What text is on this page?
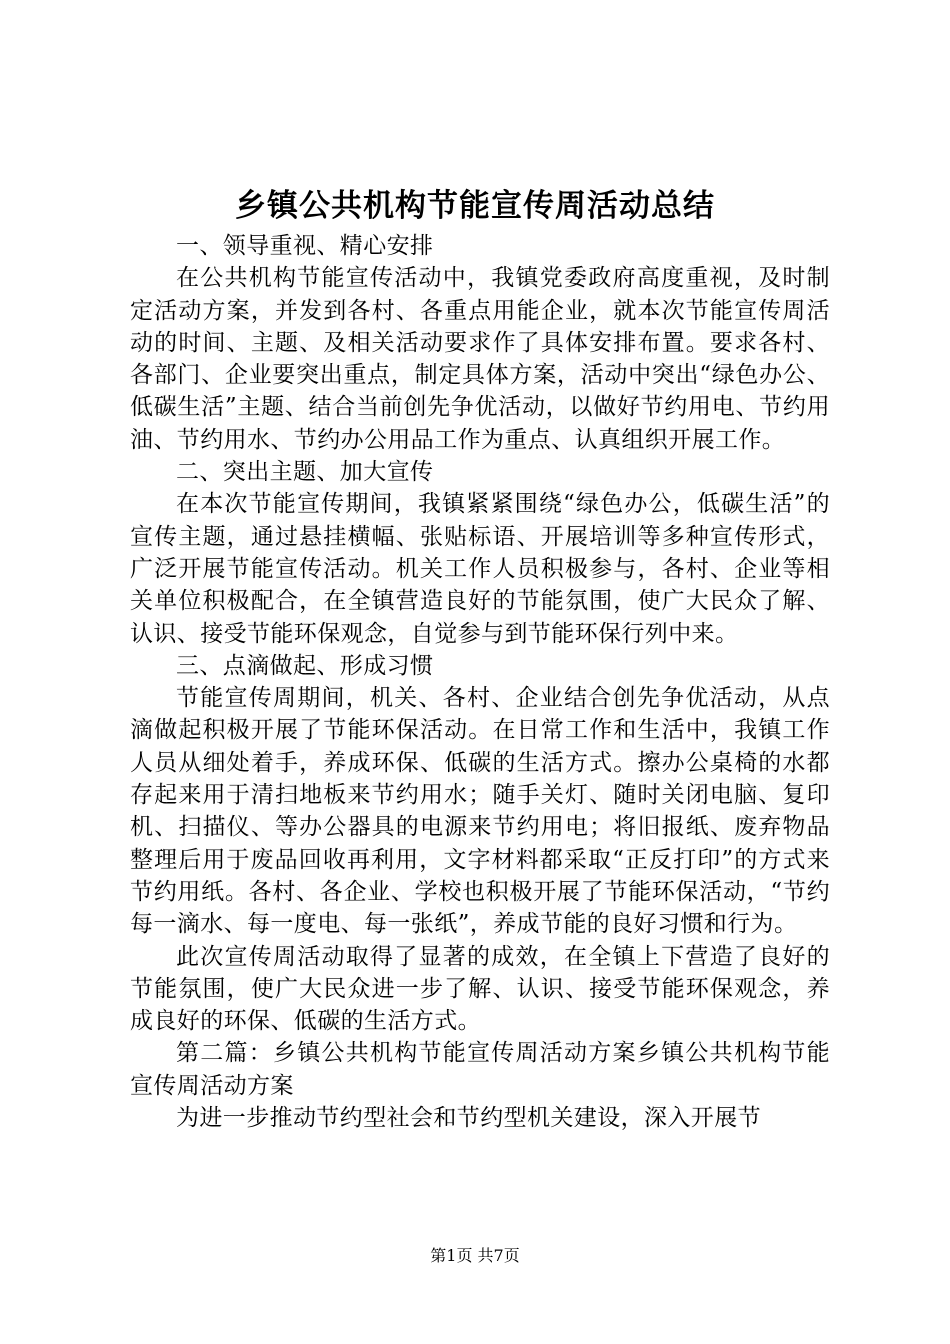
乡镇公共机构节能宣传周活动总结

一、领导重视、精心安排

在公共机构节能宣传活动中，我镇党委政府高度重视，及时制定活动方案，并发到各村、各重点用能企业，就本次节能宣传周活动的时间、主题、及相关活动要求作了具体安排布置。要求各村、各部门、企业要突出重点，制定具体方案，活动中突出“绿色办公、低碳生活”主题、结合当前创先争优活动，以做好节约用电、节约用油、节约用水、节约办公用品工作为重点、认真组织开展工作。

二、突出主题、加大宣传

在本次节能宣传期间，我镇紧紧围绕“绿色办公，低碳生活”的宣传主题，通过悬挂横幅、张贴标语、开展培训等多种宣传形式，广泛开展节能宣传活动。机关工作人员积极参与，各村、企业等相关单位积极配合，在全镇营造良好的节能氛围，使广大民众了解、认识、接受节能环保观念，自觉参与到节能环保行列中来。

三、点滴做起、形成习惯

节能宣传周期间，机关、各村、企业结合创先争优活动，从点滴做起积极开展了节能环保活动。在日常工作和生活中，我镇工作人员从细处着手，养成环保、低碳的生活方式。擦办公桌椅的水都存起来用于清扫地板来节约用水；随手关灯、随时关闭电脑、复印机、扫描仪、等办公器具的电源来节约用电；将旧报纸、废弃物品整理后用于废品回收再利用，文字材料都采取“正反打印”的方式来节约用纸。各村、各企业、学校也积极开展了节能环保活动，“节约每一滴水、每一度电、每一张纸”，养成节能的良好习惯和行为。

此次宣传周活动取得了显著的成效，在全镇上下营造了良好的节能氛围，使广大民众进一步了解、认识、接受节能环保观念，养成良好的环保、低碳的生活方式。

第二篇：乡镇公共机构节能宣传周活动方案乡镇公共机构节能宣传周活动方案

为进一步推动节约型社会和节约型机关建设，深入开展节

第1页 共7页
